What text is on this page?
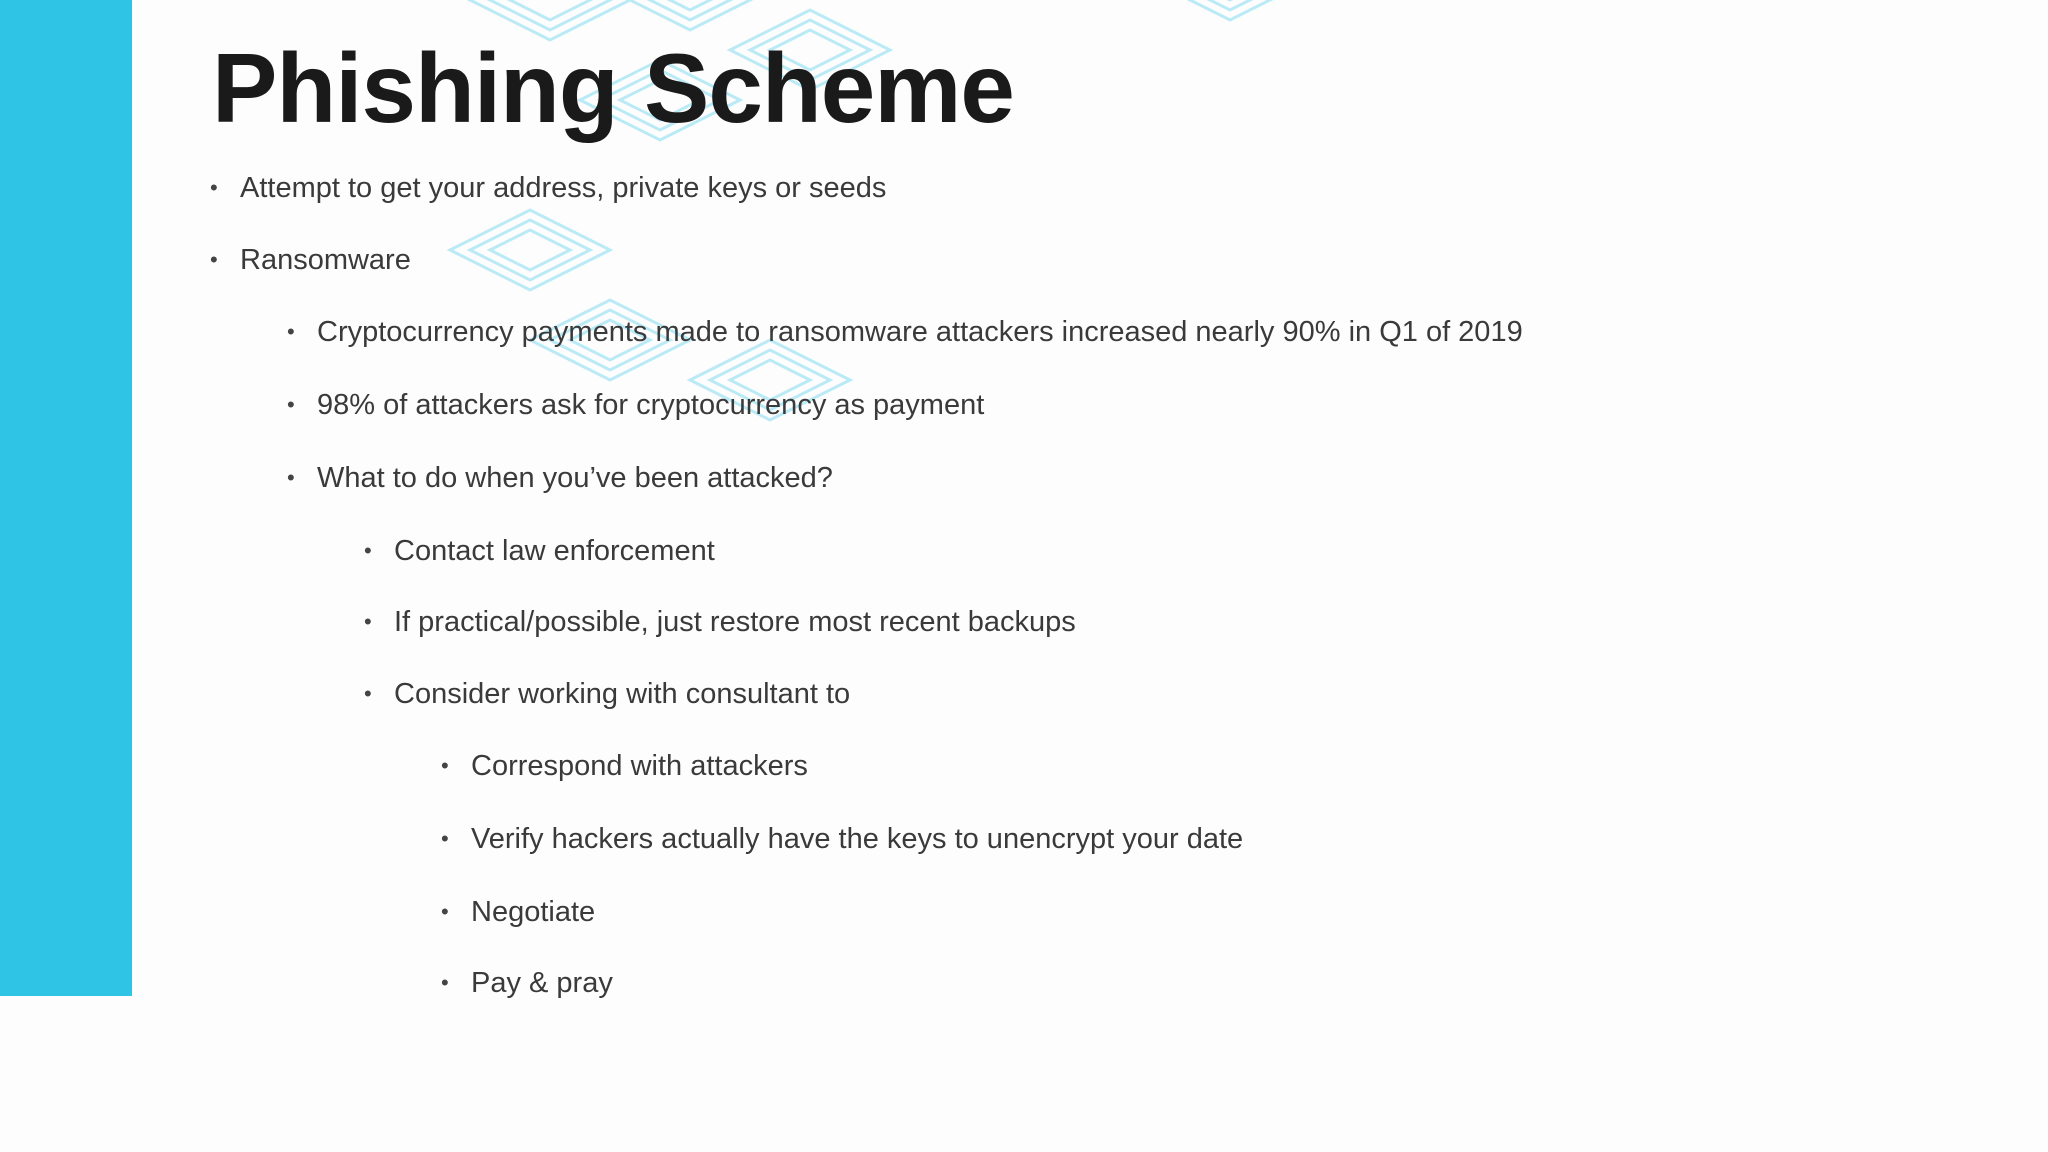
Phishing Scheme
• Attempt to get your address, private keys or seeds
• Ransomware
• Cryptocurrency payments made to ransomware attackers increased nearly 90% in Q1 of 2019
• 98% of attackers ask for cryptocurrency as payment
• What to do when you’ve been attacked?
• Contact law enforcement
• If practical/possible, just restore most recent backups
• Consider working with consultant to
• Correspond with attackers
• Verify hackers actually have the keys to unencrypt your date
• Negotiate
• Pay & pray
